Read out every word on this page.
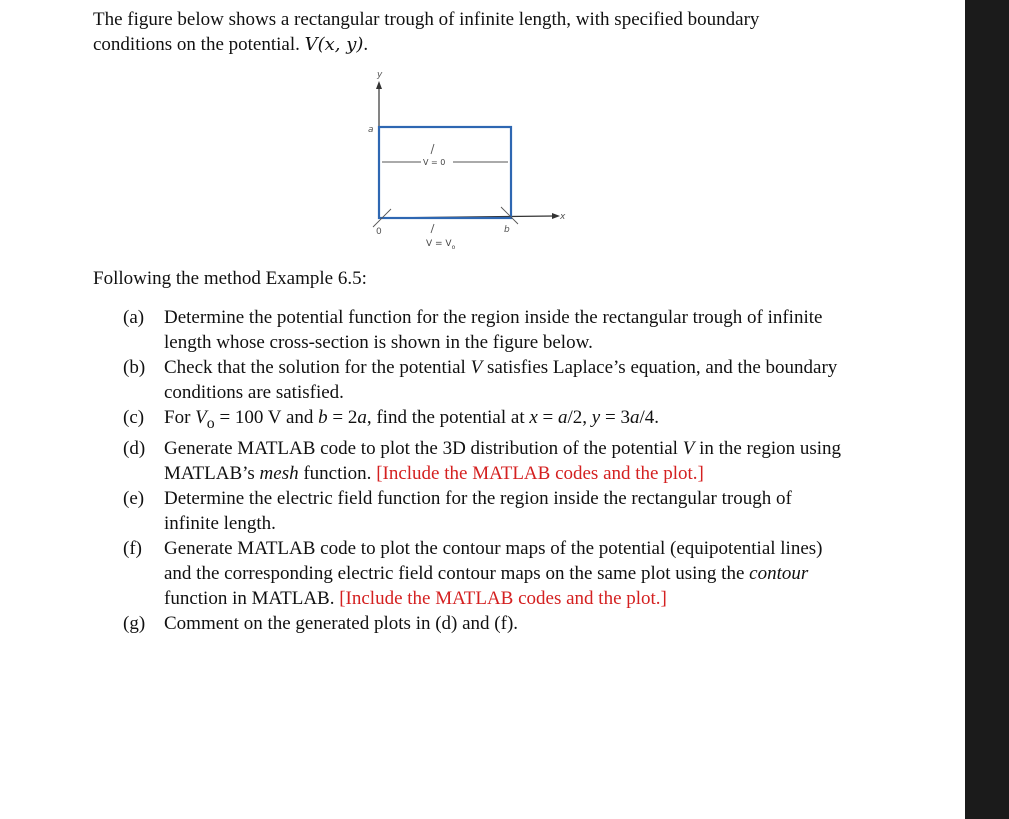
The figure below shows a rectangular trough of infinite length, with specified boundary
conditions on the potential. V(x, y).
y
a
x
V = 0
0	b
$V = V_o$
Following the method Example 6.5:
(a) Determine the potential function for the region inside the rectangular trough of infinite length whose cross-section is shown in the figure below.
(b) Check that the solution for the potential V satisfies Laplace’s equation, and the boundary conditions are satisfied.
(c) For $V_o = 100$ V and b = 2a, find the potential at x = a/2, y = 3a/4.
(d) Generate MATLAB code to plot the 3D distribution of the potential V in the region using MATLAB’s mesh function. [Include the MATLAB codes and the plot.]
(e) Determine the electric field function for the region inside the rectangular trough of infinite length.
(f) Generate MATLAB code to plot the contour maps of the potential (equipotential lines) and the corresponding electric field contour maps on the same plot using the contour function in MATLAB. [Include the MATLAB codes and the plot.]
(g) Comment on the generated plots in (d) and (f).
